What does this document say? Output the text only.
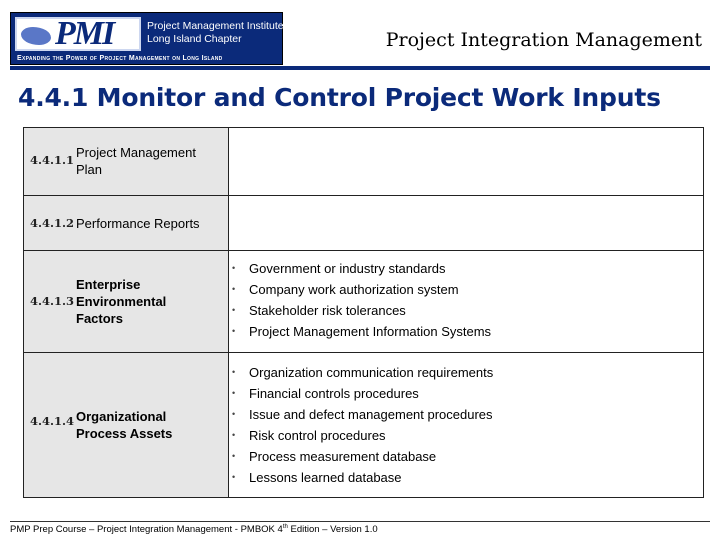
PMI	Project Management Institute
Long Island Chapter
Expanding the Power of Project Management on Long Island
Project Integration Management
4.4.1 Monitor and Control Project Work Inputs
4.4.1.1 Project Management
Plan
4.4.1.2 Performance Reports
4.4.1.3
Enterprise
Environmental
Factors
• Government or industry standards
• Company work authorization system
• Stakeholder risk tolerances
• Project Management Information Systems
4.4.1.4 Organizational
Process Assets
• Organization communication requirements
• Financial controls procedures
• Issue and defect management procedures
• Risk control procedures
• Process measurement database
• Lessons learned database
PMP Prep Course – Project Integration Management - PMBOK 4th Edition – Version 1.0
